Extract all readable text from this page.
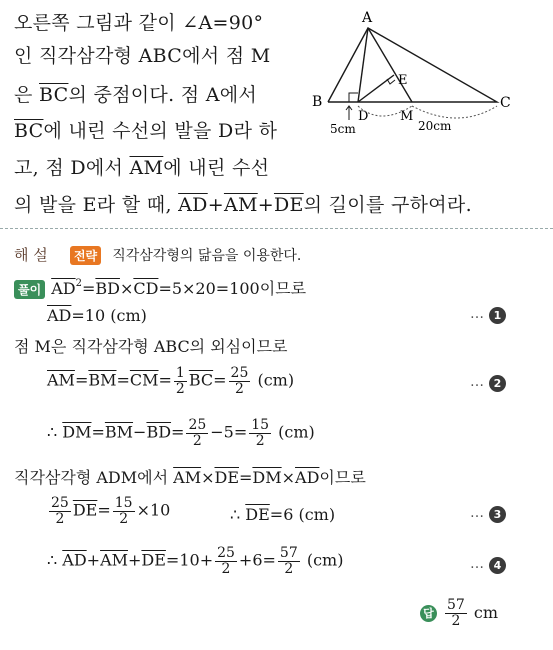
오른쪽 그림과 같이 ∠A=90°
인 직각삼각형 ABC에서 점 M
은 $\overline{BC}$의 중점이다. 점 A에서
$\overline{BC}$에 내린 수선의 발을 D라 하
고, 점 D에서 $\overline{AM}$에 내린 수선
의 발을 E라 할 때, $\overline{AD}+\overline{AM}+\overline{DE}$의 길이를 구하여라.
A
B	C
D
E
M
5cm	20cm
해 설 전략 직각삼각형의 닮음을 이용한다.
풀이 $\overline{AD}^2=\overline{BD}\times\overline{CD}=5\times 20=100$이므로
$\overline{AD}=10$ (cm)	… 1
점 M은 직각삼각형 ABC의 외심이므로
$\overline{AM}=\overline{BM}=\overline{CM}= \frac{1}{2} \overline{BC}= \frac{25}{2} (cm)$	… 2
∴ $\overline{DM}=\overline{BM}-\overline{BD}= \frac{25}{2} -5= \frac{15}{2} (cm)$
직각삼각형 ADM에서 $\overline{AM}\times\overline{DE}=\overline{DM}\times\overline{AD}$이므로
$\frac{25}{2} \overline{DE}= \frac{15}{2} \times 10$	∴ $\overline{DE}=6$ (cm)	… 3
∴ $\overline{AD}+\overline{AM}+\overline{DE}=10+ \frac{25}{2} +6= \frac{57}{2} (cm)$	… 4
답 $\frac{57}{2}$ cm
